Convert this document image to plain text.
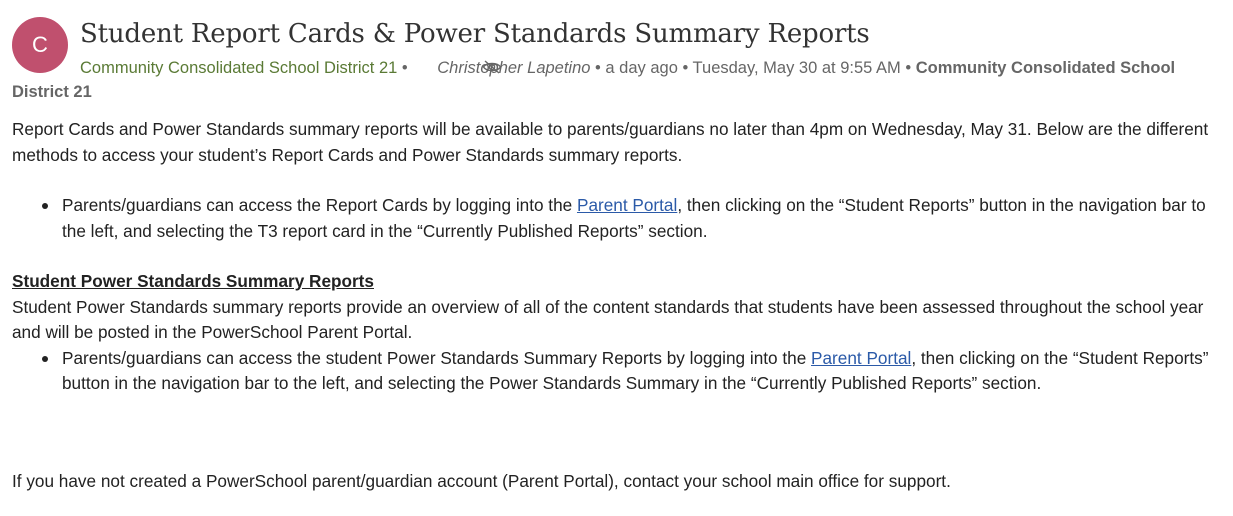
C	Student Report Cards & Power Standards Summary Reports
Community Consolidated School District 21 • Christopher Lapetino • a day ago • Tuesday, May 30 at 9:55 AM • Community Consolidated School District 21

Report Cards and Power Standards summary reports will be available to parents/guardians no later than 4pm on Wednesday, May 31. Below are the different methods to access your student’s Report Cards and Power Standards summary reports.

Parents/guardians can access the Report Cards by logging into the Parent Portal, then clicking on the “Student Reports” button in the navigation bar to the left, and selecting the T3 report card in the “Currently Published Reports” section.

Student Power Standards Summary Reports

Student Power Standards summary reports provide an overview of all of the content standards that students have been assessed throughout the school year and will be posted in the PowerSchool Parent Portal.

Parents/guardians can access the student Power Standards Summary Reports by logging into the Parent Portal, then clicking on the “Student Reports” button in the navigation bar to the left, and selecting the Power Standards Summary in the “Currently Published Reports” section.

If you have not created a PowerSchool parent/guardian account (Parent Portal), contact your school main office for support.
